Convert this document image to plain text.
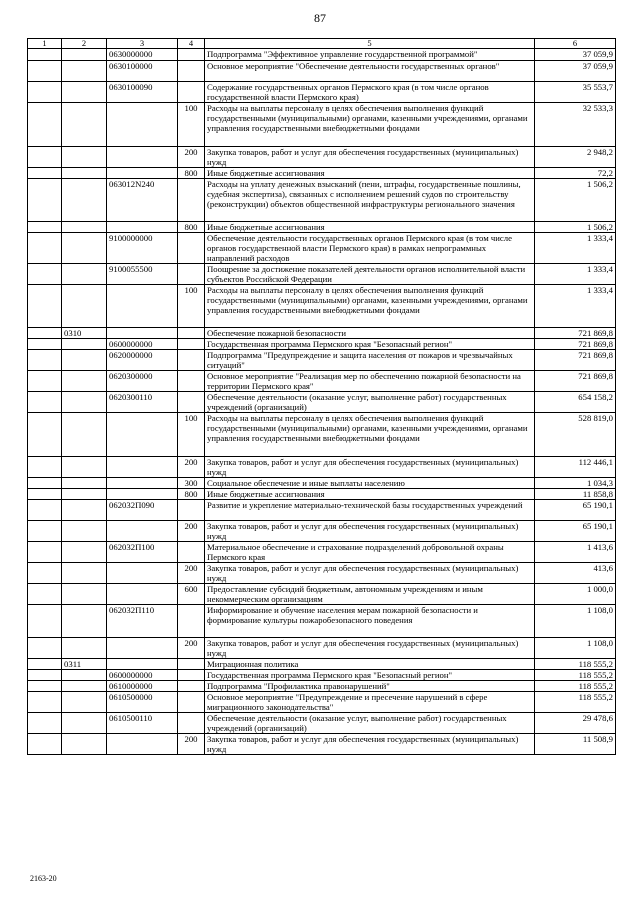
87
1	2	3	4	5	6
		0630000000		Подпрограмма "Эффективное управление государственной программой"	37 059,9
		0630100000		Основное мероприятие "Обеспечение деятельности государственных органов"	37 059,9
		0630100090		Содержание государственных органов Пермского края (в том числе органов государственной власти Пермского края)	35 553,7
			100	Расходы на выплаты персоналу в целях обеспечения выполнения функций государственными (муниципальными) органами, казенными учреждениями, органами управления государственными внебюджетными фондами	32 533,3
			200	Закупка товаров, работ и услуг для обеспечения государственных (муниципальных) нужд	2 948,2
			800	Иные бюджетные ассигнования	72,2
		063012N240		Расходы на уплату денежных взысканий (пени, штрафы, государственные пошлины, судебная экспертиза), связанных с исполнением решений судов по строительству (реконструкции) объектов общественной инфраструктуры регионального значения	1 506,2
			800	Иные бюджетные ассигнования	1 506,2
		9100000000		Обеспечение деятельности государственных органов Пермского края (в том числе органов государственной власти Пермского края) в рамках непрограммных направлений расходов	1 333,4
		9100055500		Поощрение за достижение показателей деятельности органов исполнительной власти субъектов Российской Федерации	1 333,4
			100	Расходы на выплаты персоналу в целях обеспечения выполнения функций государственными (муниципальными) органами, казенными учреждениями, органами управления государственными внебюджетными фондами	1 333,4
	0310			Обеспечение пожарной безопасности	721 869,8
		0600000000		Государственная программа Пермского края "Безопасный регион"	721 869,8
		0620000000		Подпрограмма "Предупреждение и защита населения от пожаров и чрезвычайных ситуаций"	721 869,8
		0620300000		Основное мероприятие "Реализация мер по обеспечению пожарной безопасности на территории Пермского края"	721 869,8
		0620300110		Обеспечение деятельности (оказание услуг, выполнение работ) государственных учреждений (организаций)	654 158,2
			100	Расходы на выплаты персоналу в целях обеспечения выполнения функций государственными (муниципальными) органами, казенными учреждениями, органами управления государственными внебюджетными фондами	528 819,0
			200	Закупка товаров, работ и услуг для обеспечения государственных (муниципальных) нужд	112 446,1
			300	Социальное обеспечение и иные выплаты населению	1 034,3
			800	Иные бюджетные ассигнования	11 858,8
		062032П090		Развитие и укрепление материально-технической базы государственных учреждений	65 190,1
			200	Закупка товаров, работ и услуг для обеспечения государственных (муниципальных) нужд	65 190,1
		062032П100		Материальное обеспечение и страхование подразделений добровольной охраны Пермского края	1 413,6
			200	Закупка товаров, работ и услуг для обеспечения государственных (муниципальных) нужд	413,6
			600	Предоставление субсидий бюджетным, автономным учреждениям и иным некоммерческим организациям	1 000,0
		062032П110		Информирование и обучение населения мерам пожарной безопасности и формирование культуры пожаробезопасного поведения	1 108,0
			200	Закупка товаров, работ и услуг для обеспечения государственных (муниципальных) нужд	1 108,0
	0311			Миграционная политика	118 555,2
		0600000000		Государственная программа Пермского края "Безопасный регион"	118 555,2
		0610000000		Подпрограмма "Профилактика правонарушений"	118 555,2
		0610500000		Основное мероприятие "Предупреждение и пресечение нарушений в сфере миграционного законодательства"	118 555,2
		0610500110		Обеспечение деятельности (оказание услуг, выполнение работ) государственных учреждений (организаций)	29 478,6
			200	Закупка товаров, работ и услуг для обеспечения государственных (муниципальных) нужд	11 508,9
2163-20
